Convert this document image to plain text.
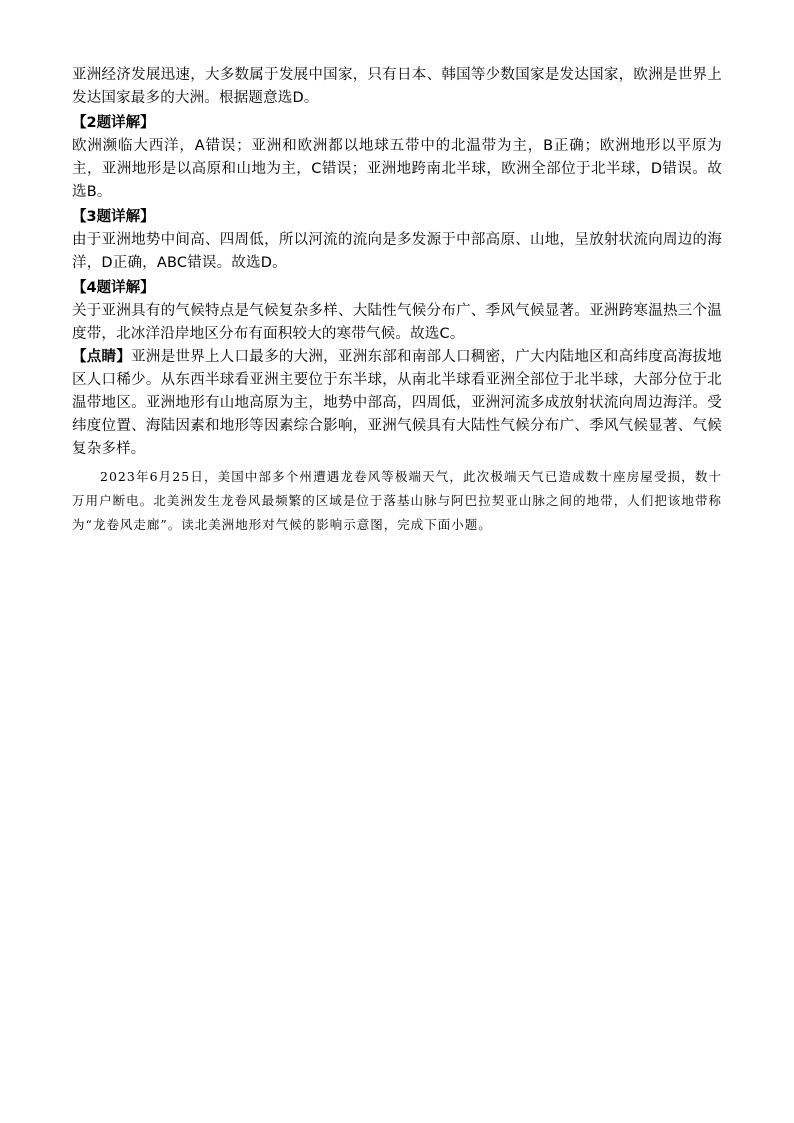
亚洲经济发展迅速，大多数属于发展中国家，只有日本、韩国等少数国家是发达国家，欧洲是世界上发达国家最多的大洲。根据题意选D。

【2题详解】

欧洲濒临大西洋，A错误；亚洲和欧洲都以地球五带中的北温带为主，B正确；欧洲地形以平原为主，亚洲地形是以高原和山地为主，C错误；亚洲地跨南北半球，欧洲全部位于北半球，D错误。故选B。

【3题详解】

由于亚洲地势中间高、四周低，所以河流的流向是多发源于中部高原、山地，呈放射状流向周边的海洋，D正确，ABC错误。故选D。

【4题详解】

关于亚洲具有的气候特点是气候复杂多样、大陆性气候分布广、季风气候显著。亚洲跨寒温热三个温度带，北冰洋沿岸地区分布有面积较大的寒带气候。故选C。

【点睛】亚洲是世界上人口最多的大洲，亚洲东部和南部人口稠密，广大内陆地区和高纬度高海拔地区人口稀少。从东西半球看亚洲主要位于东半球，从南北半球看亚洲全部位于北半球，大部分位于北温带地区。亚洲地形有山地高原为主，地势中部高，四周低，亚洲河流多成放射状流向周边海洋。受纬度位置、海陆因素和地形等因素综合影响，亚洲气候具有大陆性气候分布广、季风气候显著、气候复杂多样。

2023年6月25日，美国中部多个州遭遇龙卷风等极端天气，此次极端天气已造成数十座房屋受损，数十万用户断电。北美洲发生龙卷风最频繁的区域是位于落基山脉与阿巴拉契亚山脉之间的地带，人们把该地带称为“龙卷风走廊”。读北美洲地形对气候的影响示意图，完成下面小题。
